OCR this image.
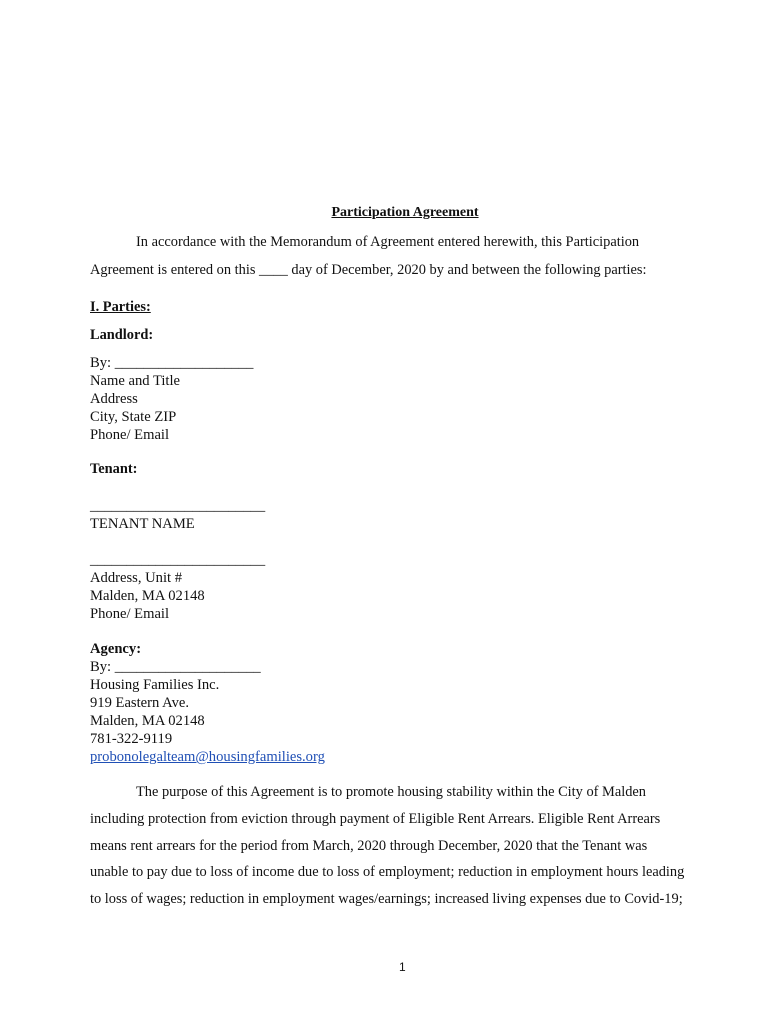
Participation Agreement
In accordance with the Memorandum of Agreement entered herewith, this Participation
Agreement is entered on this ____ day of December, 2020 by and between the following parties:
I. Parties:
Landlord:
By: ___________________
Name and Title
Address
City, State ZIP
Phone/ Email
Tenant:
________________________
TENANT NAME
________________________
Address, Unit #
Malden, MA 02148
Phone/ Email
Agency:
By: ____________________
Housing Families Inc.
919 Eastern Ave.
Malden, MA 02148
781-322-9119
probonolegalteam@housingfamilies.org
The purpose of this Agreement is to promote housing stability within the City of Malden
including protection from eviction through payment of Eligible Rent Arrears. Eligible Rent Arrears
means rent arrears for the period from March, 2020 through December, 2020 that the Tenant was
unable to pay due to loss of income due to loss of employment; reduction in employment hours leading
to loss of wages; reduction in employment wages/earnings; increased living expenses due to Covid-19;
1
